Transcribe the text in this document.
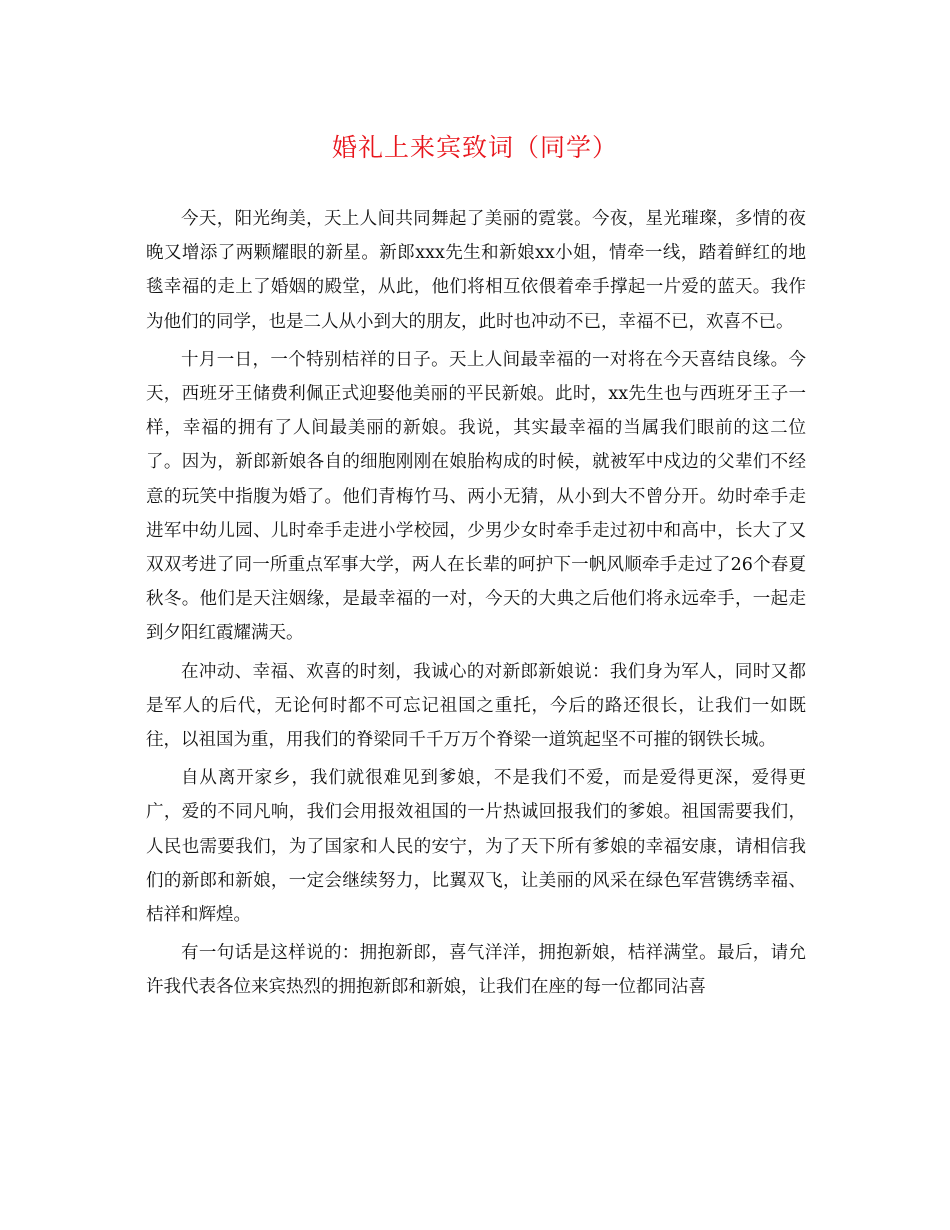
婚礼上来宾致词（同学）

今天，阳光绚美，天上人间共同舞起了美丽的霓裳。今夜，星光璀璨，多情的夜晚又增添了两颗耀眼的新星。新郎xxx先生和新娘xx小姐，情牵一线，踏着鲜红的地毯幸福的走上了婚姻的殿堂，从此，他们将相互依偎着牵手撑起一片爱的蓝天。我作为他们的同学，也是二人从小到大的朋友，此时也冲动不已，幸福不已，欢喜不已。

十月一日，一个特别桔祥的日子。天上人间最幸福的一对将在今天喜结良缘。今天，西班牙王储费利佩正式迎娶他美丽的平民新娘。此时，xx先生也与西班牙王子一样，幸福的拥有了人间最美丽的新娘。我说，其实最幸福的当属我们眼前的这二位了。因为，新郎新娘各自的细胞刚刚在娘胎构成的时候，就被军中戍边的父辈们不经意的玩笑中指腹为婚了。他们青梅竹马、两小无猜，从小到大不曾分开。幼时牵手走进军中幼儿园、儿时牵手走进小学校园，少男少女时牵手走过初中和高中，长大了又双双考进了同一所重点军事大学，两人在长辈的呵护下一帆风顺牵手走过了26个春夏秋冬。他们是天注姻缘，是最幸福的一对，今天的大典之后他们将永远牵手，一起走到夕阳红霞耀满天。

在冲动、幸福、欢喜的时刻，我诚心的对新郎新娘说：我们身为军人，同时又都是军人的后代，无论何时都不可忘记祖国之重托，今后的路还很长，让我们一如既往，以祖国为重，用我们的脊梁同千千万万个脊梁一道筑起坚不可摧的钢铁长城。

自从离开家乡，我们就很难见到爹娘，不是我们不爱，而是爱得更深，爱得更广，爱的不同凡响，我们会用报效祖国的一片热诚回报我们的爹娘。祖国需要我们，人民也需要我们，为了国家和人民的安宁，为了天下所有爹娘的幸福安康，请相信我们的新郎和新娘，一定会继续努力，比翼双飞，让美丽的风采在绿色军营镌绣幸福、桔祥和辉煌。

有一句话是这样说的：拥抱新郎，喜气洋洋，拥抱新娘，桔祥满堂。最后，请允许我代表各位来宾热烈的拥抱新郎和新娘，让我们在座的每一位都同沾喜
